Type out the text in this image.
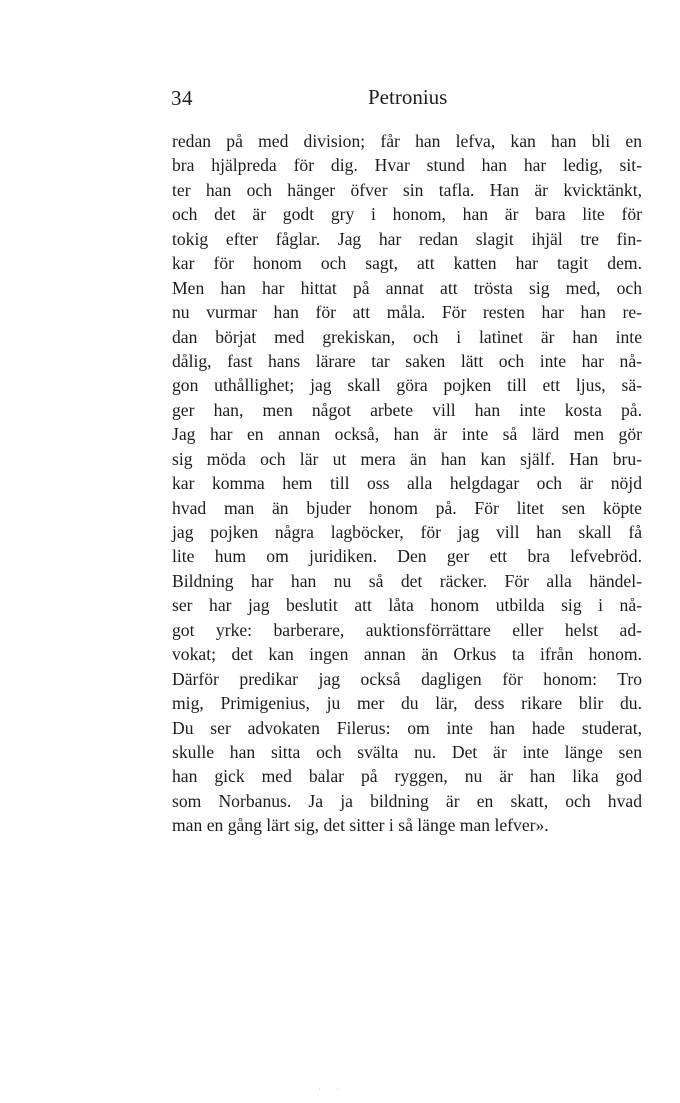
34	Petronius
redan på med division; får han lefva, kan han bli en
bra hjälpreda för dig. Hvar stund han har ledig, sit-
ter han och hänger öfver sin tafla. Han är kvicktänkt,
och det är godt gry i honom, han är bara lite för
tokig efter fåglar. Jag har redan slagit ihjäl tre fin-
kar för honom och sagt, att katten har tagit dem.
Men han har hittat på annat att trösta sig med, och
nu vurmar han för att måla. För resten har han re-
dan börjat med grekiskan, och i latinet är han inte
dålig, fast hans lärare tar saken lätt och inte har nå-
gon uthållighet; jag skall göra pojken till ett ljus, sä-
ger han, men något arbete vill han inte kosta på.
Jag har en annan också, han är inte så lärd men gör
sig möda och lär ut mera än han kan själf. Han bru-
kar komma hem till oss alla helgdagar och är nöjd
hvad man än bjuder honom på. För litet sen köpte
jag pojken några lagböcker, för jag vill han skall få
lite hum om juridiken. Den ger ett bra lefvebröd.
Bildning har han nu så det räcker. För alla händel-
ser har jag beslutit att låta honom utbilda sig i nå-
got yrke: barberare, auktionsförrättare eller helst ad-
vokat; det kan ingen annan än Orkus ta ifrån honom.
Därför predikar jag också dagligen för honom: Tro
mig, Primigenius, ju mer du lär, dess rikare blir du.
Du ser advokaten Filerus: om inte han hade studerat,
skulle han sitta och svälta nu. Det är inte länge sen
han gick med balar på ryggen, nu är han lika god
som Norbanus. Ja ja bildning är en skatt, och hvad
man en gång lärt sig, det sitter i så länge man lefver».
· ·
